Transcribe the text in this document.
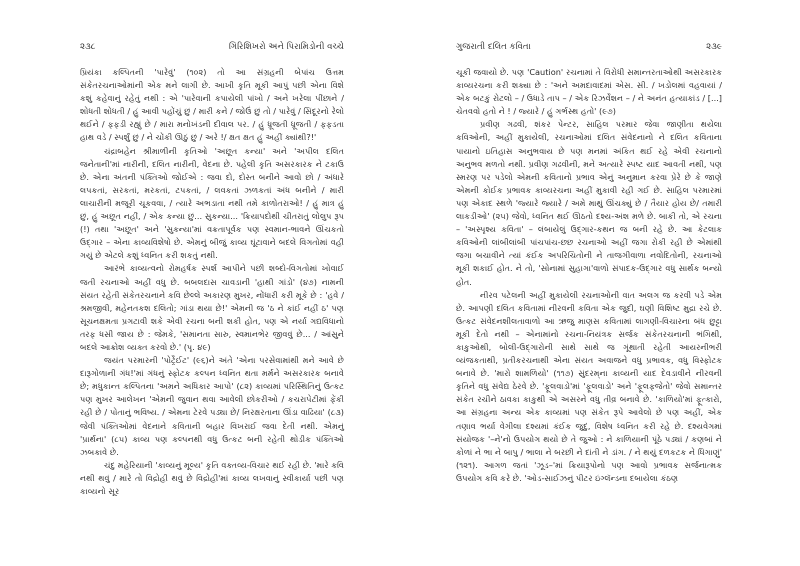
૨૩૮	ગિરિશિખરો અને પિરામિડોની વચ્ચે

પ્રિયંકા કલ્પિતની 'પારેવું' (૧૦૨) તો આ સંગ્રહની બેપાંચ ઉત્તમ સંકેતરચનાઓમાંની એક મને લાગી છે. આખી કૃતિ મૂકી આપું પછી એના વિશે કશું કહેવાનું રહેતું નથી : એ 'પારેવાની કપાયેલી પાંખો / અને ખરેલા પીંછાને / શોધતી શોધતી / હું આવી પહોંચું છું / મારી કને / જોઉં છું તો / પારેવું / સિંદૂરનો રેલો થઈને / ફફડી રહ્યું છે / મારા મનોખંડની દીવાલ પર. / હું ધ્રૂજતી ધ્રૂજતી / ફફડતા હાથ વડે / સ્પર્શું છું / ને ચોંકી ઊઠું છું / અરે !/ ક્ષત ક્ષત હું અહીં ક્યાંથી?!'

ચંદ્રાબહેન શ્રીમાળીની કૃતિઓ 'અછૂત કન્યા' અને 'અપીલ દલિત જનેતાની'માં નારીની, દલિત નારીની, વેદના છે. પહેલી કૃતિ અસરકારક ને ટકાઉ છે. એના અંતની પંક્તિઓ જોઈએ : જવા દો, દોસ્ત બનીને આવો છો / અંધારે લપકતાં, સરકતાં, મરકતાં, ટપકતાં, / લવકતાં ઝળકતાં અંધ બનીને / મારી લાચારીની મજૂરી ચૂકવવા, / ત્યારે અભડાતા નથી તમે કાળોતરાઓ! / હું માત્ર હું છું, હું અછૂત નહીં, / એક કન્યા છું... સુકન્યા... 'ક્રિયાપદોથી ચીતરાતું લોલુપ રૂપ (!) તથા 'અછૂત' અને 'સુકન્યા'માં વક્રતાપૂર્વક પણ સ્વમાન-ભાવને ઊંચકતો ઉદ્ગાર – એના કાવ્યવિશેષો છે. એમનું બીજું કાવ્ય ઘૂંટાવાને બદલે વિગતોમાં વહી ગયું છે એટલે કશું ધ્વનિત કરી શકતું નથી.

આરંભે કાવ્યત્વનો રોમહર્ષક સ્પર્શ આપીને પછી શબ્દો-વિગતોમાં ખોવાઈ જતી રચનાઓ અહીં વધુ છે. બબલદાસ ચાવડાની 'હાથી ગાંડો' (૪૭) નામની સંયત રહેતી સંકેતરચનાને કવિ છેલ્લે અકારણ મુખર, નોંધારી કરી મૂકે છે : 'હવે / શ્રમજીવી, મહેનતકશ દલિતો; ગાંડા થયા છે!' એમની જ 'ઠ ને કાંઈ નહીં ઠ' પણ સૂચનક્ષમતા પ્રગટાવી શકે એવી રચના બની શકી હોત, પણ એ નર્યા ગદ્યવિધાનો તરફ ધસી જાય છે : જેમકે, 'સમાનતા સારુ, સ્વમાનભેર જીવવું છે... / આંસુને બદલે આક્રોશ વ્યક્ત કરવો છે.' (પૃ. ૪૯)

જયંત પરમારની 'પોર્ટ્રેઈટ' (૯૬)ને અંતે 'એના પરસેવામાંથી મને આવે છે દારૂગોળાની ગંધ!'માં ગંધનું સ્ફોટક કલ્પન ધ્વનિત થતા મર્મને અસરકારક બનાવે છે; મધુકાન્ત કલ્પિતના 'અમને અધિકાર આપો' (૮૨) કાવ્યમાં પરિસ્થિતિનું ઉત્કટ પણ મુખર આલેખન 'એમની જુવાન થવા આવેલી છોકરીઓ / કચરાપેટીમાં ફેંકી રહી છે / પોતાનું ભવિષ્ય. / એમના ટેરવે પડ્યા છે/ નિરક્ષરતાના ઊંડા વાઢિયા' (૮૩) જેવી પંક્તિઓમાં વેદનાને કવિતાની બહાર વિખરાઈ જવા દેતી નથી. એમનું 'પ્રાર્થના' (૮૫) કાવ્ય પણ કલ્પનથી વધુ ઉત્કટ બની રહેતી થોડીક પંક્તિઓ ઝબકાવે છે.

ચંદુ મહેરિયાની 'કાવ્યનું મૂલ્ય' કૃતિ વક્તવ્ય-વિચાર થઈ રહી છે. 'મારે કવિ નથી થવું / મારે તો વિદ્રોહી થવું છે વિદ્રોહી'માં કાવ્ય લખવાનું સ્વીકાર્યા પછી પણ કાવ્યનો સૂર

ગુજરાતી દલિત કવિતા	૨૩૯

ચૂકી જવાયો છે. પણ 'Caution' રચનામાં તે વિરોધી સમાન્તરતાઓથી અસરકારક કાવ્યરચના કરી શક્યા છે : 'અને અમદાવાદમાં એસ. સી. / ખડોલમાં વહવાયાં / એક બટકું રોટલો – / ઉધાડે તાપ – / એક રિઝર્વેશન – / ને અનંત હત્યાકાંડ / [...] ચેતવવો હતો ને ! / જ્યારે / હું ગર્ભસ્થ હતો' (૯૭)

પ્રવીણ ગઢવી, શંકર પેન્ટર, સાહિલ પરમાર જેવા જાણીતા થયેલા કવિઓની, અહીં મુકાયેલી, રચનાઓમાં દલિત સંવેદનાનો ને દલિત કવિતાના પાયાનો ઇતિહાસ અનુભવાય છે પણ મનમાં અંકિત થઈ રહે એવી રચનાનો અનુભવ મળતો નથી. પ્રવીણ ગઢવીની, મને અત્યારે સ્પષ્ટ યાદ આવતી નથી, પણ સ્મરણ પર પડેલો એમની કવિતાનો પ્રભાવ એનું અનુમાન કરવા પ્રેરે છે કે જાણે એમની કોઈક પ્રભાવક કાવ્યરચના અહીં મુકાવી રહી ગઈ છે. સાહિલ પરમારમાં પણ એકાદ સ્થળે 'જ્યારે જ્યારે / અમે માથું ઊંચક્યું છે / તૈયાર હોય છે/ તમારી લાકડીઓ' (૨૫) જેવો, ધ્વનિત થઈ ઊઠતો દશ્ય-અંશ મળે છે. બાકી તો, એ રચના – 'અસ્પૃશ્ય કવિતા' – લંબાયેલું ઉદ્ગાર-કથન જ બની રહે છે. આ કેટલાક કવિઓની લાંબીલાંબી પાંચપાંચ-છછ રચનાઓ અહીં જગા રોકી રહી છે એમાંથી જગા બચાવીને ત્યાં કંઈક અપરિચિતોની ને તાજગીવાળા નવોદિતોની, રચનાઓ મૂકી શકાઈ હોત. ને તો, 'સોનામાં સુહાગા'વાળો સંપાદક-ઉદ્ગાર વધુ સાર્થક બન્યો હોત.

નીરવ પટેલની અહીં મુકાયેલી રચનાઓની વાત અલગ જ કરવી પડે એમ છે. આપણી દલિત કવિતામાં નીરવની કવિતા એક જુદી, ઘણી વિશિષ્ટ મુદ્રા રચે છે. ઉત્કટ સંવેદનશીલતાવાળો આ ઋજુ માણસ કવિતામાં લાગણી-વિચારના બંધ છુટ્ટા મૂકી દેતો નથી – એનામાંનો રચના-નિયંત્રક સર્જક સંકેતરચનાની ભંગિથી, કાકુઓથી, બોલી-ઉદ્ગારોની સાથે સાથે જ ગૂંથાતી રહેતી આયરનીભરી વ્યંજકતાથી, પ્રતીકરચનાથી એના સંયત અવાજને વધુ પ્રભાવક, વધુ વિસ્ફોટક બનાવે છે. 'મારો શામળિયો' (૧૧૭) સુંદરમ્‌ના કાવ્યની યાદ દેવડાવીને નીરવની કૃતિને વધુ સંવેદ્ય ઠેરવે છે. 'ફૂલવાડો'માં 'ફૂલવાડો' અને 'ફૂલફજેતો' જેવો સમાન્તર સંકેત રચીને ઠાવકા કાકુથી એ અસરને વધુ તીવ્ર બનાવે છે. 'કાળિયો'માં ફૂત્કારો, આ સંગ્રહના અન્ય એક કાવ્યમાં પણ સંકેત રૂપે આવેલો છે પણ અહીં, એક તણાવ ભર્યા વેગીલા દશ્યમાં કંઈક જુદું, વિશેષ ધ્વનિત કરી રહે છે. દશ્યવેગમાં સંયોજક '–ને'નો ઉપયોગ થયો છે તે જુઓ : ને કાળિયાની પૂંઠે પડ્યાં / કણબાં ને કોળાં ને ભા ને બાપુ / ભાલા ને બરછી ને દાંતી ને ડાંગ. / ને થયું દળકટક ને ધિંગાણું' (૧૨૧). આગળ જતાં 'ઝૂડ–'માં ક્રિયારૂપોનો પણ આવો પ્રભાવક સર્જનાત્મક ઉપયોગ કવિ કરે છે. 'ઓડ-સાઈઝનું પીટર ઇંગ્લૅન્ડના દબાયેલા કંઠણ
